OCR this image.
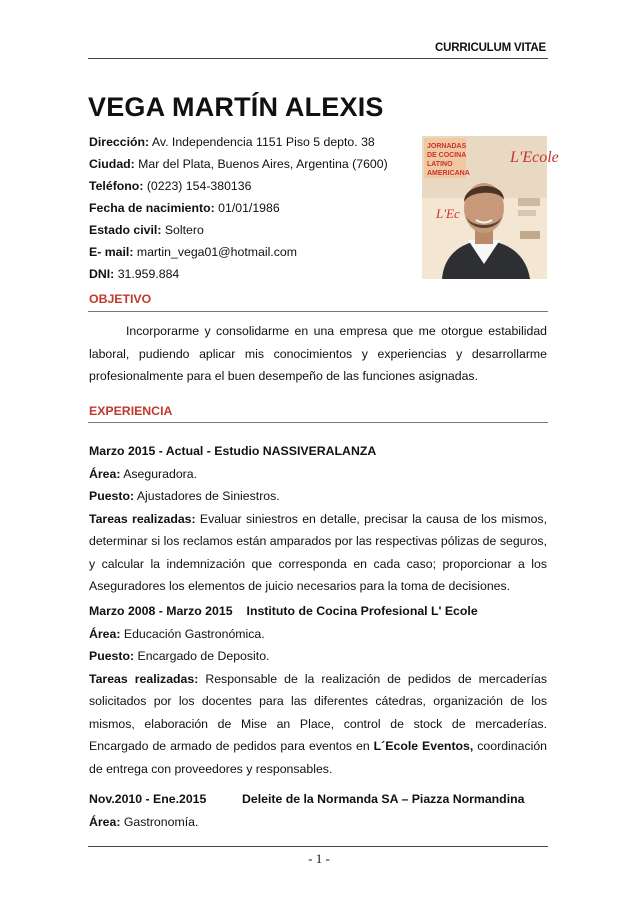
CURRICULUM VITAE
VEGA MARTÍN ALEXIS
Dirección: Av. Independencia 1151 Piso 5 depto. 38
Ciudad: Mar del Plata, Buenos Aires, Argentina (7600)
Teléfono: (0223) 154-380136
Fecha de nacimiento: 01/01/1986
Estado civil: Soltero
E- mail: martin_vega01@hotmail.com
DNI: 31.959.884
JORNADAS
DE COCINA
LATINO
AMERICANA
L'Ecole
L'Ec
OBJETIVO
Incorporarme y consolidarme en una empresa que me otorgue estabilidad laboral, pudiendo aplicar mis conocimientos y experiencias y desarrollarme profesionalmente para el buen desempeño de las funciones asignadas.
EXPERIENCIA
Marzo 2015 - Actual - Estudio NASSIVERALANZA
Área: Aseguradora.
Puesto: Ajustadores de Siniestros.
Tareas realizadas: Evaluar siniestros en detalle, precisar la causa de los mismos, determinar si los reclamos están amparados por las respectivas pólizas de seguros, y calcular la indemnización que corresponda en cada caso; proporcionar a los Aseguradores los elementos de juicio necesarios para la toma de decisiones.
Marzo 2008 - Marzo 2015 Instituto de Cocina Profesional L' Ecole
Área: Educación Gastronómica.
Puesto: Encargado de Deposito.
Tareas realizadas: Responsable de la realización de pedidos de mercaderías solicitados por los docentes para las diferentes cátedras, organización de los mismos, elaboración de Mise an Place, control de stock de mercaderías. Encargado de armado de pedidos para eventos en L´Ecole Eventos, coordinación de entrega con proveedores y responsables.
Nov.2010 - Ene.2015	Deleite de la Normanda SA – Piazza Normandina
Área: Gastronomía.
- 1 -
